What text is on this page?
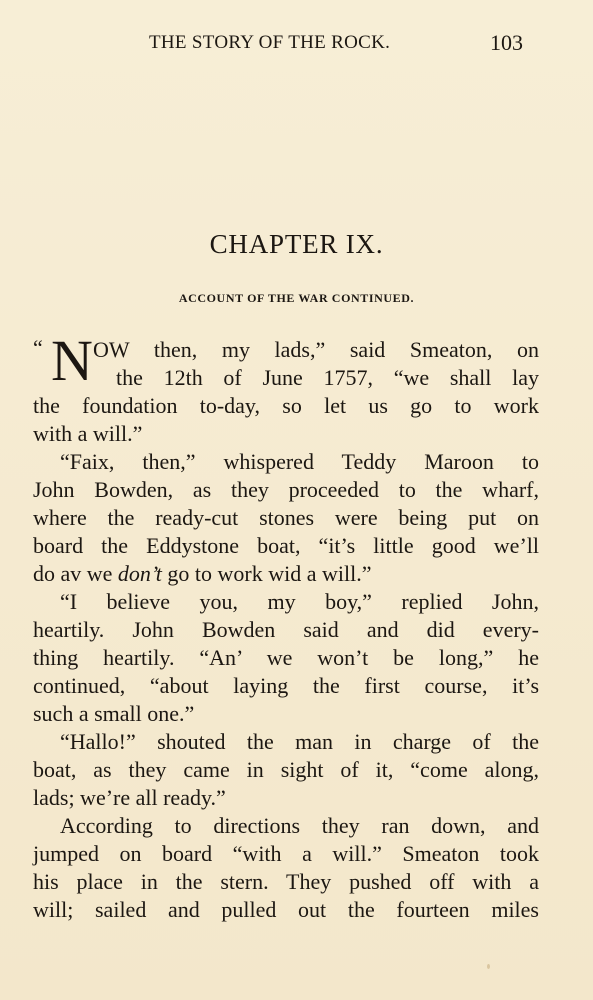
THE STORY OF THE ROCK.	103
CHAPTER IX.
ACCOUNT OF THE WAR CONTINUED.
“ N OW then, my lads,” said Smeaton, on
the 12th of June 1757, “we shall lay
the foundation to-day, so let us go to work
with a will.”
“Faix, then,” whispered Teddy Maroon to
John Bowden, as they proceeded to the wharf,
where the ready-cut stones were being put on
board the Eddystone boat, “it’s little good we’ll
do av we don’t go to work wid a will.”
“I believe you, my boy,” replied John,
heartily. John Bowden said and did every-
thing heartily. “An’ we won’t be long,” he
continued, “about laying the first course, it’s
such a small one.”
“Hallo!” shouted the man in charge of the
boat, as they came in sight of it, “come along,
lads; we’re all ready.”
According to directions they ran down, and
jumped on board “with a will.” Smeaton took
his place in the stern. They pushed off with a
will; sailed and pulled out the fourteen miles
